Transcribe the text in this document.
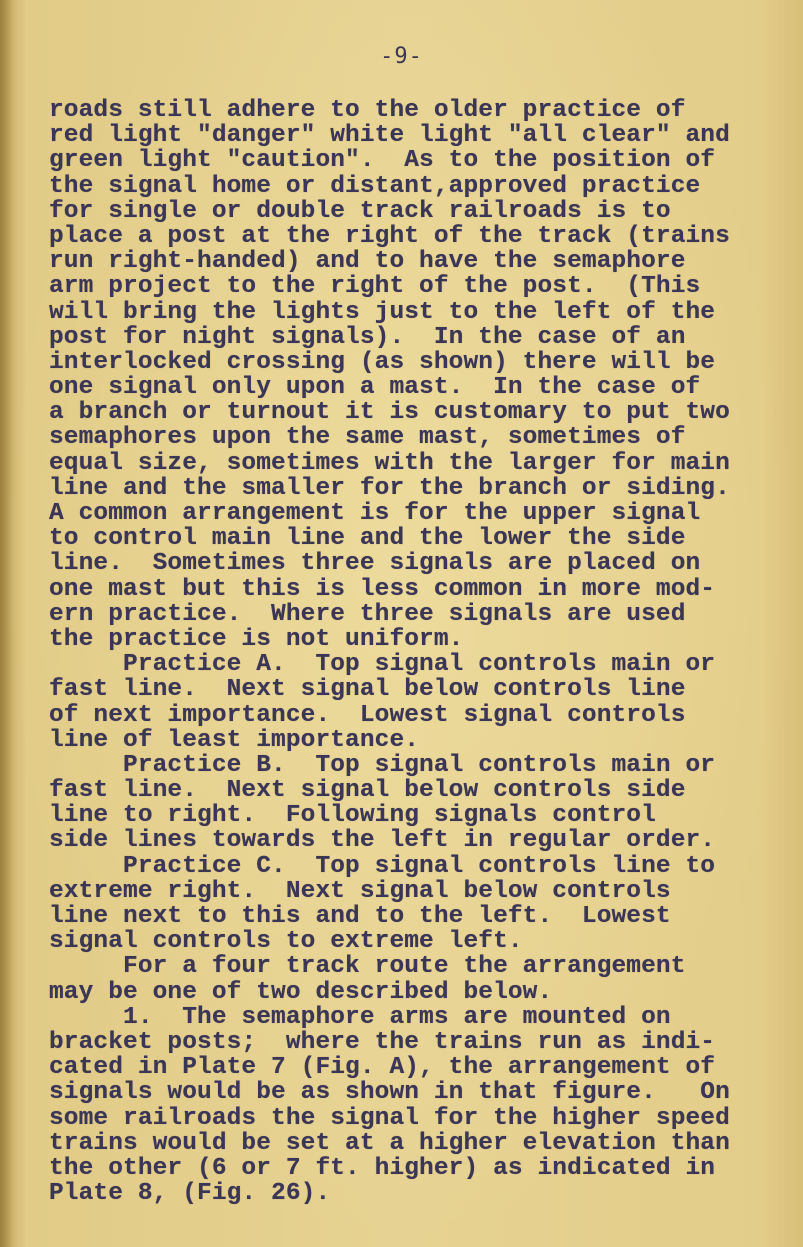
-9-
roads still adhere to the older practice of
red light "danger" white light "all clear" and
green light "caution".  As to the position of
the signal home or distant,approved practice
for single or double track railroads is to
place a post at the right of the track (trains
run right-handed) and to have the semaphore
arm project to the right of the post.  (This
will bring the lights just to the left of the
post for night signals).  In the case of an
interlocked crossing (as shown) there will be
one signal only upon a mast.  In the case of
a branch or turnout it is customary to put two
semaphores upon the same mast, sometimes of
equal size, sometimes with the larger for main
line and the smaller for the branch or siding.
A common arrangement is for the upper signal
to control main line and the lower the side
line.  Sometimes three signals are placed on
one mast but this is less common in more mod-
ern practice.  Where three signals are used
the practice is not uniform.
Practice A.  Top signal controls main or
fast line.  Next signal below controls line
of next importance.  Lowest signal controls
line of least importance.
Practice B.  Top signal controls main or
fast line.  Next signal below controls side
line to right.  Following signals control
side lines towards the left in regular order.
Practice C.  Top signal controls line to
extreme right.  Next signal below controls
line next to this and to the left.  Lowest
signal controls to extreme left.
For a four track route the arrangement
may be one of two described below.
1.  The semaphore arms are mounted on
bracket posts;  where the trains run as indi-
cated in Plate 7 (Fig. A), the arrangement of
signals would be as shown in that figure.   On
some railroads the signal for the higher speed
trains would be set at a higher elevation than
the other (6 or 7 ft. higher) as indicated in
Plate 8, (Fig. 26).
